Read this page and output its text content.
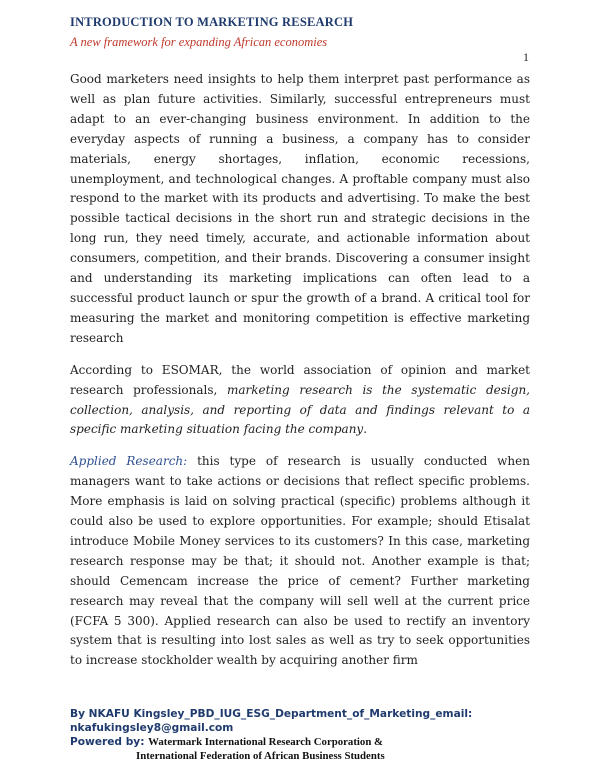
INTRODUCTION TO MARKETING RESEARCH
A new framework for expanding African economies
1

Good marketers need insights to help them interpret past performance as well as plan future activities. Similarly, successful entrepreneurs must adapt to an ever-changing business environment. In addition to the everyday aspects of running a business, a company has to consider materials, energy shortages, inflation, economic recessions, unemployment, and technological changes. A proftable company must also respond to the market with its products and advertising. To make the best possible tactical decisions in the short run and strategic decisions in the long run, they need timely, accurate, and actionable information about consumers, competition, and their brands. Discovering a consumer insight and understanding its marketing implications can often lead to a successful product launch or spur the growth of a brand. A critical tool for measuring the market and monitoring competition is effective marketing research

According to ESOMAR, the world association of opinion and market research professionals, marketing research is the systematic design, collection, analysis, and reporting of data and findings relevant to a specific marketing situation facing the company.

Applied Research: this type of research is usually conducted when managers want to take actions or decisions that reflect specific problems. More emphasis is laid on solving practical (specific) problems although it could also be used to explore opportunities. For example; should Etisalat introduce Mobile Money services to its customers? In this case, marketing research response may be that; it should not. Another example is that; should Cemencam increase the price of cement? Further marketing research may reveal that the company will sell well at the current price (FCFA 5 300). Applied research can also be used to rectify an inventory system that is resulting into lost sales as well as try to seek opportunities to increase stockholder wealth by acquiring another firm

By NKAFU Kingsley_PBD_IUG_ESG_Department_of_Marketing_email:
nkafukingsley8@gmail.com
Powered by: Watermark International Research Corporation &
International Federation of African Business Students
